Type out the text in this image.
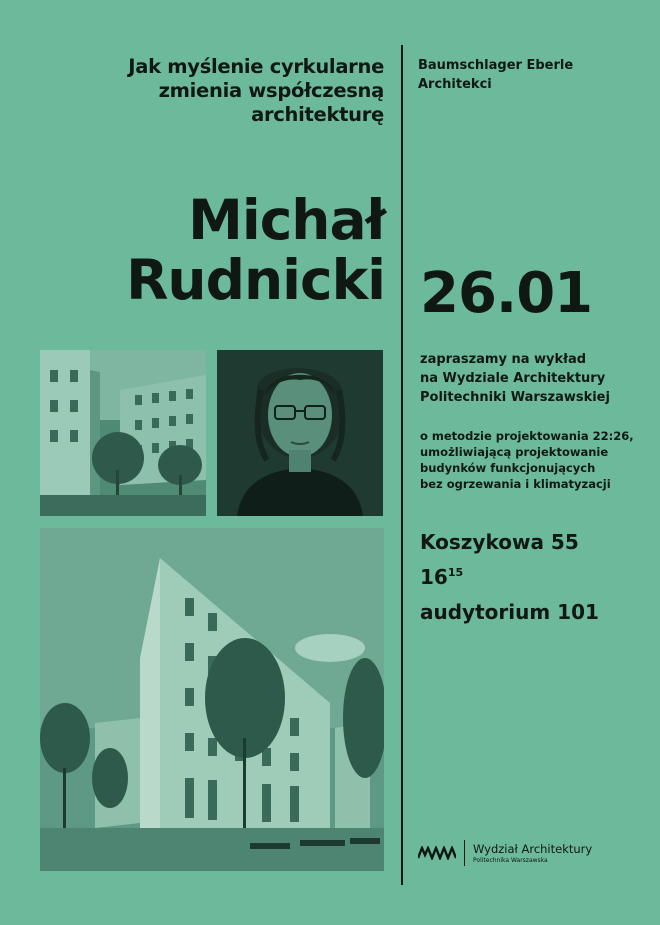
Jak myślenie cyrkularne
zmienia współczesną
architekturę
Baumschlager Eberle
Architekci
Michał
Rudnicki 26.01
zapraszamy na wykład
na Wydziale Architektury
Politechniki Warszawskiej
o metodzie projektowania 22:26,
umożliwiającą projektowanie
budynków funkcjonujących
bez ogrzewania i klimatyzacji
Koszykowa 55
$16^{15}$
audytorium 101
Wydział Architektury
Politechnika Warszawska
